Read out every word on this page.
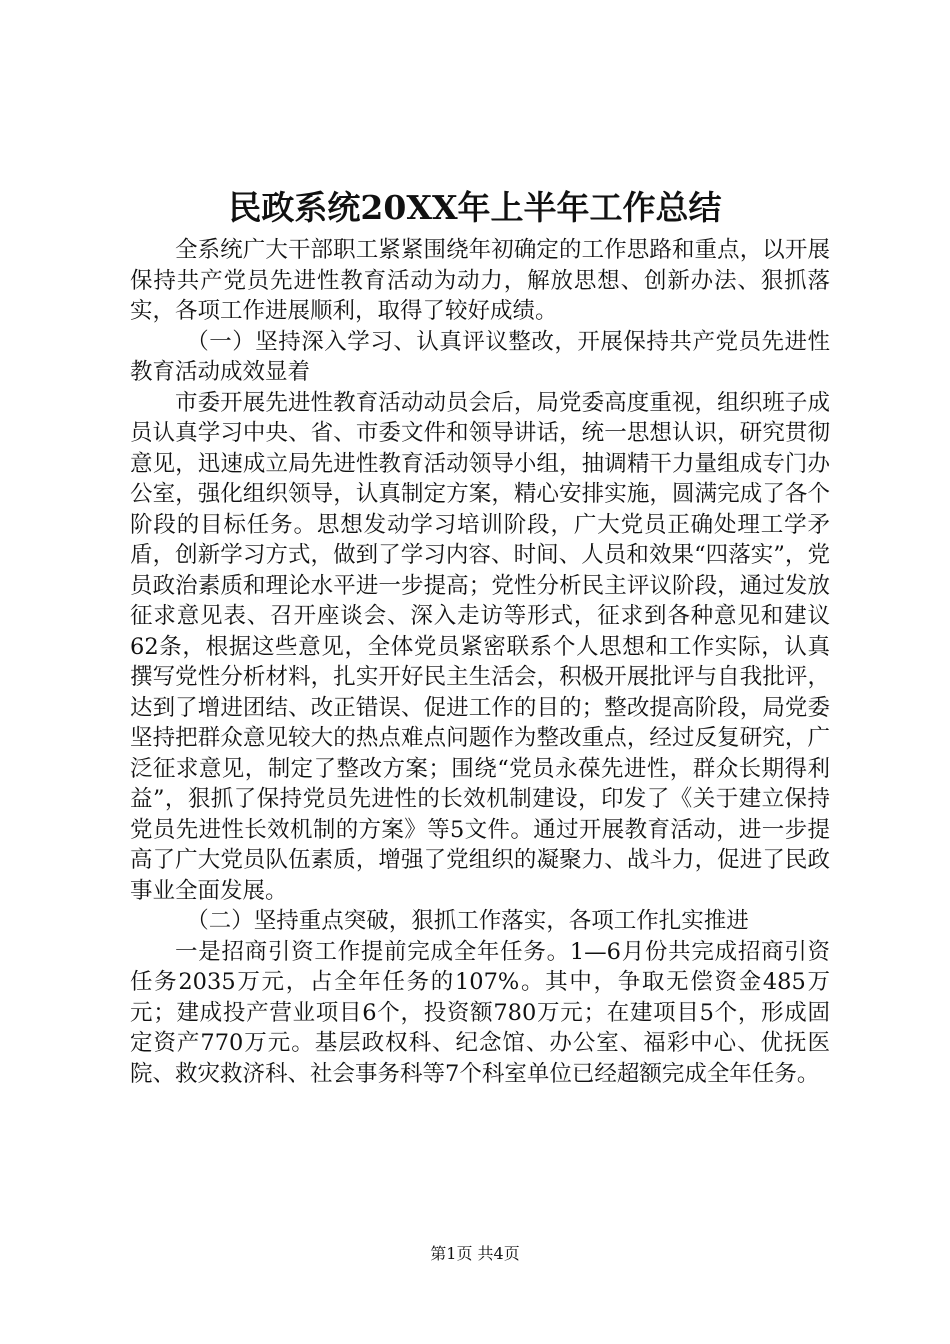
民政系统20XX年上半年工作总结

全系统广大干部职工紧紧围绕年初确定的工作思路和重点，以开展保持共产党员先进性教育活动为动力，解放思想、创新办法、狠抓落实，各项工作进展顺利，取得了较好成绩。

（一）坚持深入学习、认真评议整改，开展保持共产党员先进性教育活动成效显着

市委开展先进性教育活动动员会后，局党委高度重视，组织班子成员认真学习中央、省、市委文件和领导讲话，统一思想认识，研究贯彻意见，迅速成立局先进性教育活动领导小组，抽调精干力量组成专门办公室，强化组织领导，认真制定方案，精心安排实施，圆满完成了各个阶段的目标任务。思想发动学习培训阶段，广大党员正确处理工学矛盾，创新学习方式，做到了学习内容、时间、人员和效果“四落实”，党员政治素质和理论水平进一步提高；党性分析民主评议阶段，通过发放征求意见表、召开座谈会、深入走访等形式，征求到各种意见和建议62条，根据这些意见，全体党员紧密联系个人思想和工作实际，认真撰写党性分析材料，扎实开好民主生活会，积极开展批评与自我批评，达到了增进团结、改正错误、促进工作的目的；整改提高阶段，局党委坚持把群众意见较大的热点难点问题作为整改重点，经过反复研究，广泛征求意见，制定了整改方案；围绕“党员永葆先进性，群众长期得利益”，狠抓了保持党员先进性的长效机制建设，印发了《关于建立保持党员先进性长效机制的方案》等5文件。通过开展教育活动，进一步提高了广大党员队伍素质，增强了党组织的凝聚力、战斗力，促进了民政事业全面发展。

（二）坚持重点突破，狠抓工作落实，各项工作扎实推进

一是招商引资工作提前完成全年任务。1—6月份共完成招商引资任务2035万元，占全年任务的107%。其中，争取无偿资金485万元；建成投产营业项目6个，投资额780万元；在建项目5个，形成固定资产770万元。基层政权科、纪念馆、办公室、福彩中心、优抚医院、救灾救济科、社会事务科等7个科室单位已经超额完成全年任务。

第1页 共4页
